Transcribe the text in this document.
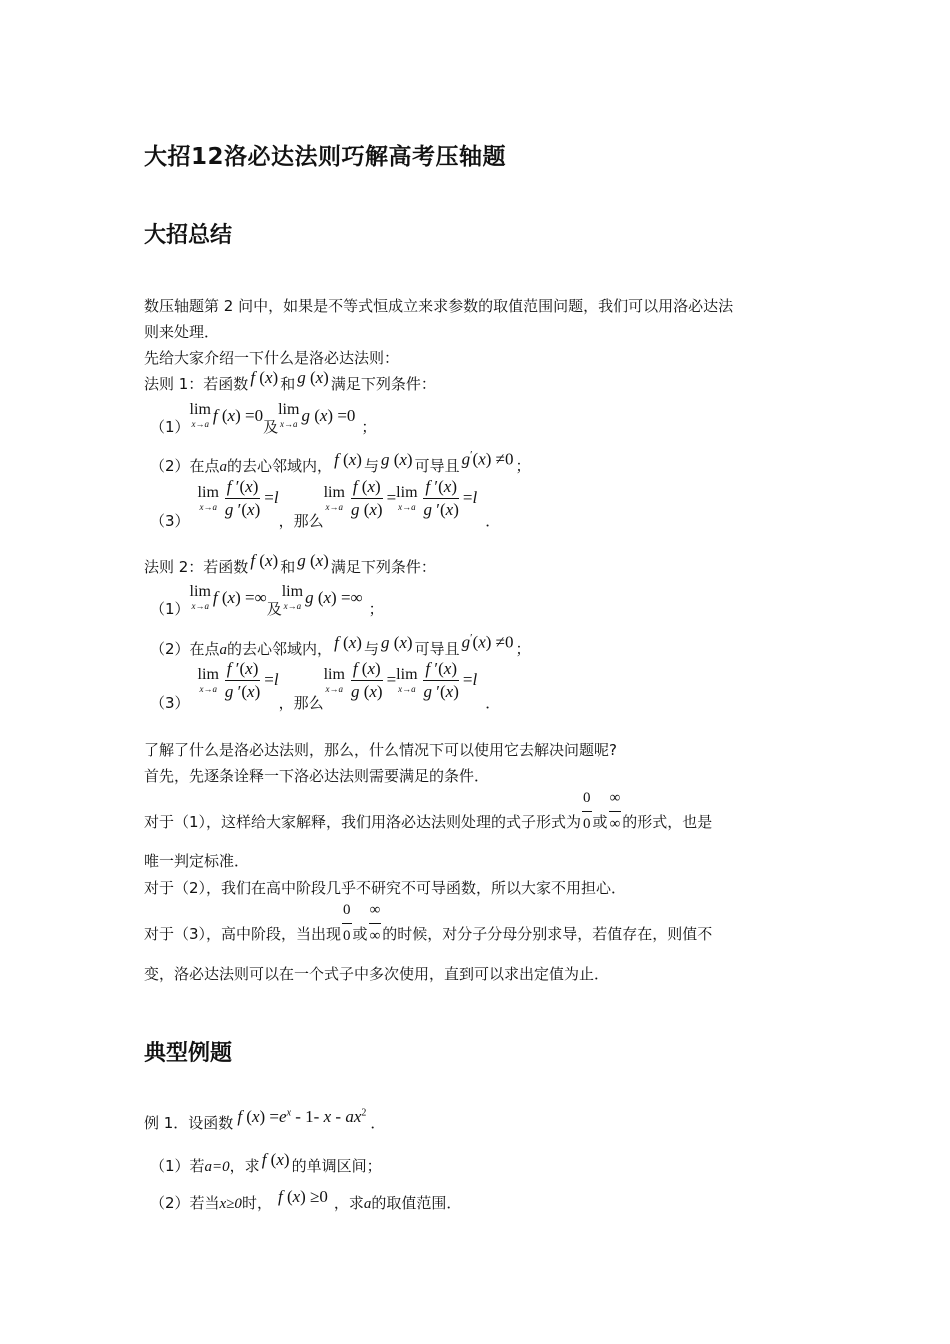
大招12洛必达法则巧解高考压轴题
大招总结
数压轴题第 2 问中，如果是不等式恒成立来求参数的取值范围问题，我们可以用洛必达法
则来处理．
先给大家介绍一下什么是洛必达法则：
法则 1：若函数 f (x) 和 g (x) 满足下列条件：
（1）
lim
x→a f (x) =0
及
lim
x→a g (x) =0
；
（2）在点 a 的去心邻域内， f (x) 与 g (x) 可导且 g′(x) ≠0 ；
（3）
lim
$x\to a \frac{f '(x)}{g '(x)} =l$
，那么
lim
$x\to a \frac{f (x)}{g (x)} = \lim$
$x\to a \frac{f '(x)}{g '(x)} =l$
．
法则 2：若函数 f (x) 和 g (x) 满足下列条件：
（1）
lim
x→a f (x) =∞
及
lim
x→a g (x) =∞
；
（2）在点 a 的去心邻域内， f (x) 与 g (x) 可导且 g′(x) ≠0 ；
（3）
lim
$x\to a \frac{f '(x)}{g '(x)} =l$
，那么
lim
$x\to a \frac{f (x)}{g (x)} = \lim$
$x\to a \frac{f '(x)}{g '(x)} =l$
．
了解了什么是洛必达法则，那么，什么情况下可以使用它去解决问题呢?
首先，先逐条诠释一下洛必达法则需要满足的条件．
对于（1），这样给大家解释，我们用洛必达法则处理的式子形式为
0
0 或
∞
∞ 的形式，也是
唯一判定标准．
对于（2），我们在高中阶段几乎不研究不可导函数，所以大家不用担心．
对于（3），高中阶段，当出现
0
0 或
∞
∞ 的时候，对分子分母分别求导，若值存在，则值不
变，洛必达法则可以在一个式子中多次使用，直到可以求出定值为止．
典型例题
例 1．设函数 f $(x) =e^x - 1-$ x - $ax^2$
．
（1）若 a=0 ，求 f (x) 的单调区间；
（2）若当 x≥0 时， f (x) ≥0 ，求 a 的取值范围．
